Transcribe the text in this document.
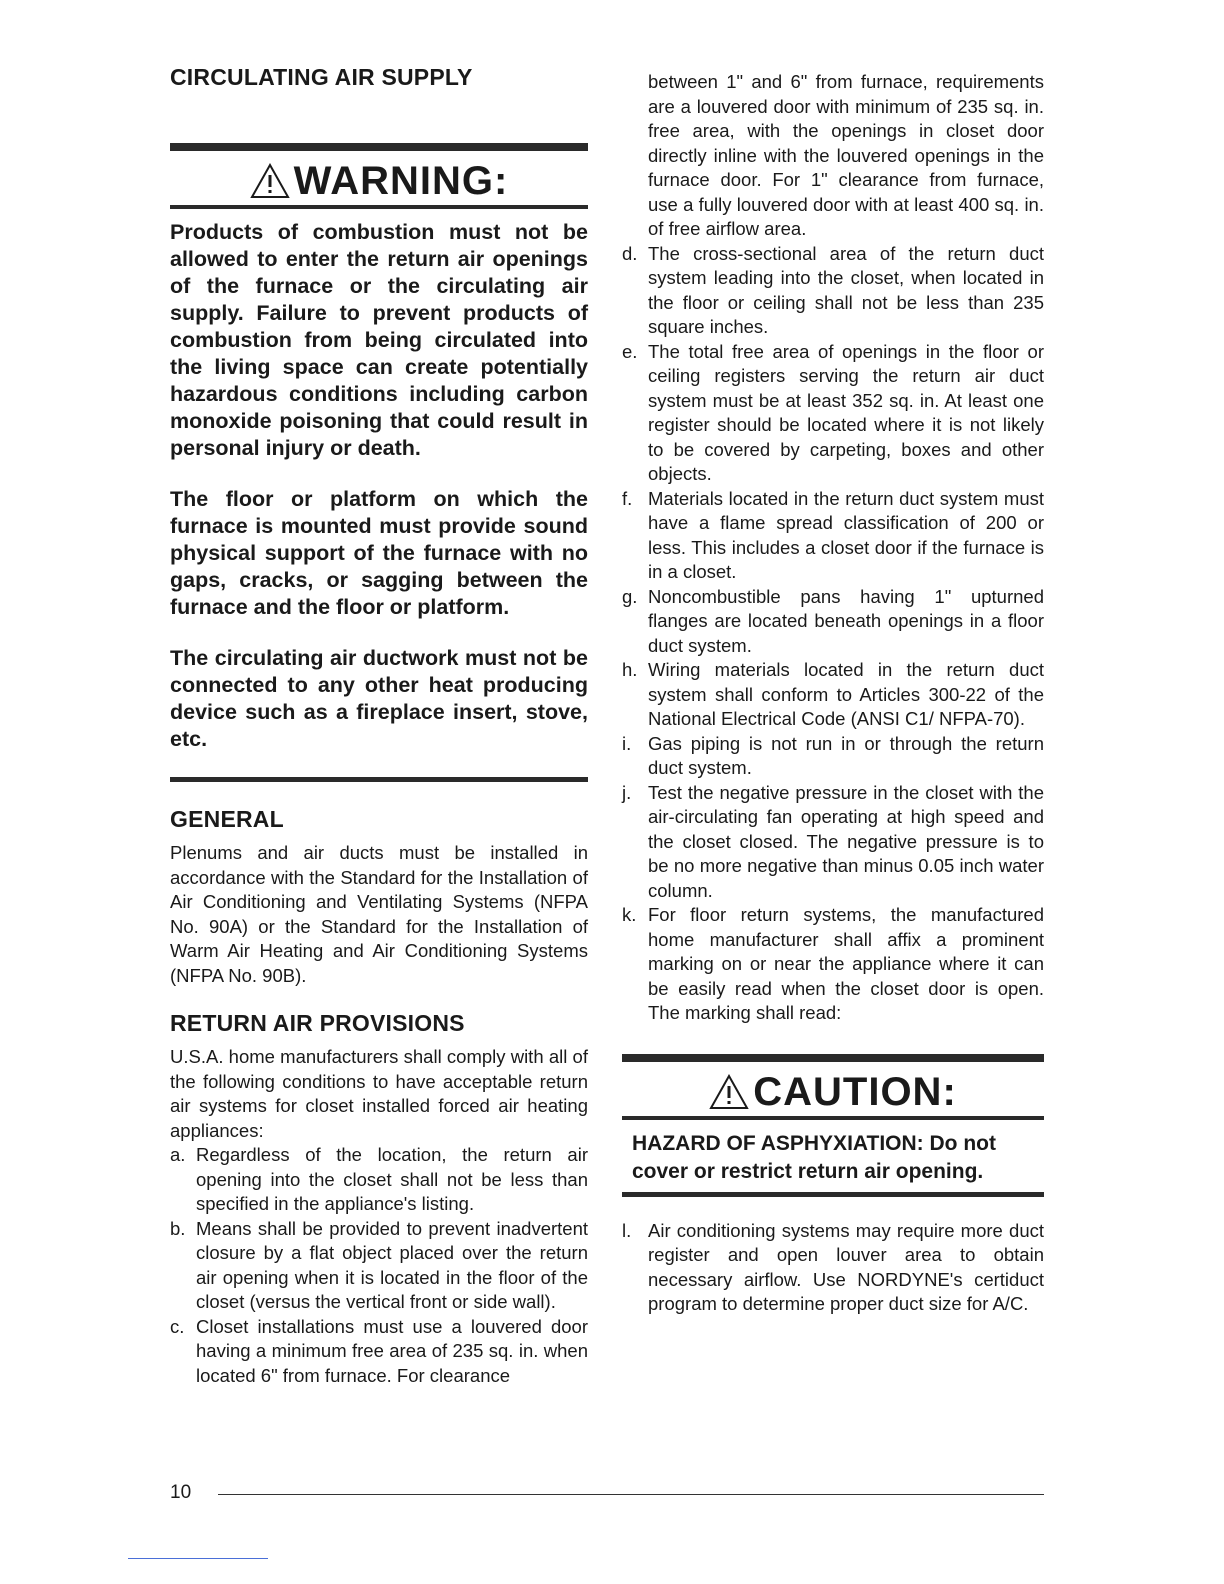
CIRCULATING AIR SUPPLY
WARNING:

Products of combustion must not be allowed to enter the return air openings of the furnace or the circulating air supply. Failure to prevent products of combustion from being circulated into the living space can create potentially hazardous conditions including carbon monoxide poisoning that could result in personal injury or death.

The floor or platform on which the furnace is mounted must provide sound physical support of the furnace with no gaps, cracks, or sagging between the furnace and the floor or platform.

The circulating air ductwork must not be connected to any other heat producing device such as a fireplace insert, stove, etc.

GENERAL

Plenums and air ducts must be installed in accordance with the Standard for the Installation of Air Conditioning and Ventilating Systems (NFPA No. 90A) or the Standard for the Installation of Warm Air Heating and Air Conditioning Systems (NFPA No. 90B).

RETURN AIR PROVISIONS

U.S.A. home manufacturers shall comply with all of the following conditions to have acceptable return air systems for closet installed forced air heating appliances:

a. Regardless of the location, the return air opening into the closet shall not be less than specified in the appliance's listing.
b. Means shall be provided to prevent inadvertent closure by a flat object placed over the return air opening when it is located in the floor of the closet (versus the vertical front or side wall).
c. Closet installations must use a louvered door having a minimum free area of 235 sq. in. when located 6" from furnace. For clearance

between 1" and 6" from furnace, requirements are a louvered door with minimum of 235 sq. in. free area, with the openings in closet door directly inline with the louvered openings in the furnace door. For 1" clearance from furnace, use a fully louvered door with at least 400 sq. in. of free airflow area.

d. The cross-sectional area of the return duct system leading into the closet, when located in the floor or ceiling shall not be less than 235 square inches.
e. The total free area of openings in the floor or ceiling registers serving the return air duct system must be at least 352 sq. in. At least one register should be located where it is not likely to be covered by carpeting, boxes and other objects.
f. Materials located in the return duct system must have a flame spread classification of 200 or less. This includes a closet door if the furnace is in a closet.
g. Noncombustible pans having 1" upturned flanges are located beneath openings in a floor duct system.
h. Wiring materials located in the return duct system shall conform to Articles 300-22 of the National Electrical Code (ANSI C1/ NFPA-70).
i. Gas piping is not run in or through the return duct system.
j. Test the negative pressure in the closet with the air-circulating fan operating at high speed and the closet closed. The negative pressure is to be no more negative than minus 0.05 inch water column.
k. For floor return systems, the manufactured home manufacturer shall affix a prominent marking on or near the appliance where it can be easily read when the closet door is open. The marking shall read:
CAUTION:

HAZARD OF ASPHYXIATION: Do not cover or restrict return air opening.

l. Air conditioning systems may require more duct register and open louver area to obtain necessary airflow. Use NORDYNE's certiduct program to determine proper duct size for A/C.
10
